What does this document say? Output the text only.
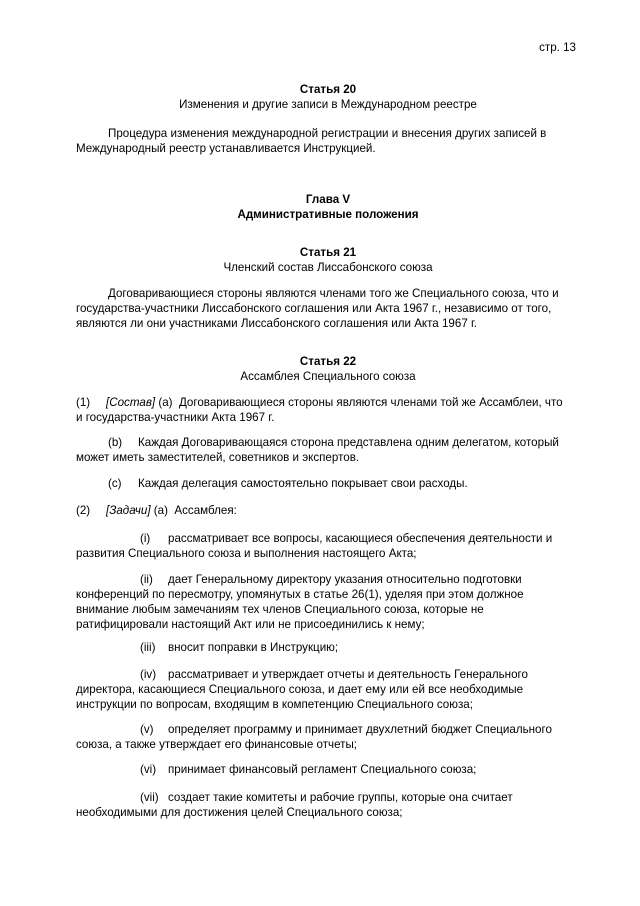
стр. 13
Статья 20
Изменения и другие записи в Международном реестре
Процедура изменения международной регистрации и внесения других записей в
Международный реестр устанавливается Инструкцией.
Глава V
Административные положения
Статья 21
Членский состав Лиссабонского союза
Договаривающиеся стороны являются членами того же Специального союза, что и
государства-участники Лиссабонского соглашения или Акта 1967 г., независимо от того,
являются ли они участниками Лиссабонского соглашения или Акта 1967 г.
Статья 22
Ассамблея Специального союза
(1) [Состав] (a) Договаривающиеся стороны являются членами той же Ассамблеи, что
и государства-участники Акта 1967 г.
(b) Каждая Договаривающаяся сторона представлена одним делегатом, который
может иметь заместителей, советников и экспертов.
(c) Каждая делегация самостоятельно покрывает свои расходы.
(2) [Задачи] (a) Ассамблея:
(i) рассматривает все вопросы, касающиеся обеспечения деятельности и
развития Специального союза и выполнения настоящего Акта;
(ii) дает Генеральному директору указания относительно подготовки
конференций по пересмотру, упомянутых в статье 26(1), уделяя при этом должное
внимание любым замечаниям тех членов Специального союза, которые не
ратифицировали настоящий Акт или не присоединились к нему;
(iii) вносит поправки в Инструкцию;
(iv) рассматривает и утверждает отчеты и деятельность Генерального
директора, касающиеся Специального союза, и дает ему или ей все необходимые
инструкции по вопросам, входящим в компетенцию Специального союза;
(v) определяет программу и принимает двухлетний бюджет Специального
союза, а также утверждает его финансовые отчеты;
(vi) принимает финансовый регламент Специального союза;
(vii) создает такие комитеты и рабочие группы, которые она считает
необходимыми для достижения целей Специального союза;
